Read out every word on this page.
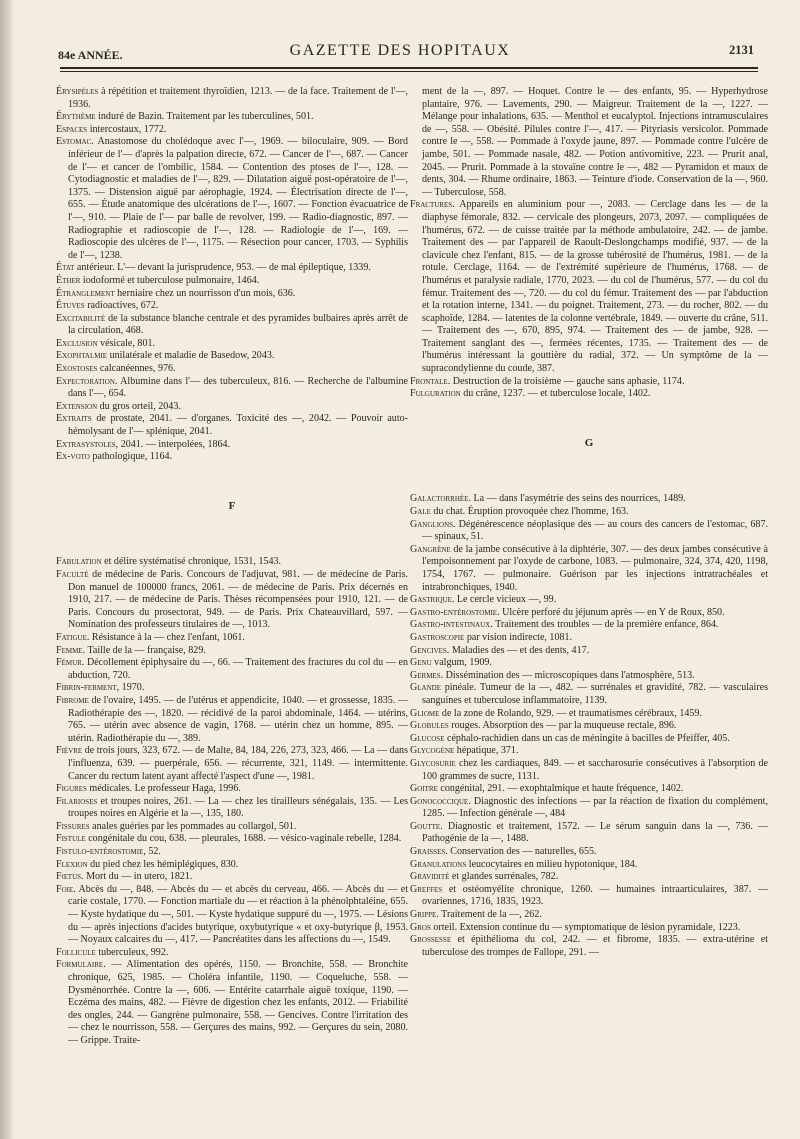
84e ANNÉE.	GAZETTE DES HOPITAUX	2131

Érysipèles à répétition et traitement thyroïdien, 1213. — de la face. Traitement de l'—, 1936.

Érythème induré de Bazin. Traitement par les tuberculines, 501.

Espaces intercostaux, 1772.

Estomac. Anastomose du cholédoque avec l'—, 1969. — biloculaire, 909. — Bord inférieur de l'— d'après la palpation directe, 672. — Cancer de l'—, 687. — Cancer de l'— et cancer de l'ombilic, 1584. — Contention des ptoses de l'—, 128. — Cytodiagnostic et maladies de l'—, 829. — Dilatation aiguë post-opératoire de l'—, 1375. — Distension aiguë par aérophagie, 1924. — Électrisation directe de l'—, 655. — Étude anatomique des ulcérations de l'—, 1607. — Fonction évacuatrice de l'—, 910. — Plaie de l'— par balle de revolver, 199. — Radio-diagnostic, 897. — Radiographie et radioscopie de l'—, 128. — Radiologie de l'—, 169. — Radioscopie des ulcères de l'—, 1175. — Résection pour cancer, 1703. — Syphilis de l'—, 1238.

État antérieur. L'— devant la jurisprudence, 953. — de mal épileptique, 1339.

Éther iodoformé et tuberculose pulmonaire, 1464.

Étranglement herniaire chez un nourrisson d'un mois, 636.

Étuves radioactives, 672.

Excitabilité de la substance blanche centrale et des pyramides bulbaires après arrêt de la circulation, 468.

Exclusion vésicale, 801.

Exophtalmie unilatérale et maladie de Basedow, 2043.

Exostoses calcanéennes, 976.

Expectoration. Albumine dans l'— des tuberculeux, 816. — Recherche de l'albumine dans l'—, 654.

Extension du gros orteil, 2043.

Extraits de prostate, 2041. — d'organes. Toxicité des —, 2042. — Pouvoir auto-hémolysant de l'— splénique, 2041.

Extrasystoles, 2041. — interpolées, 1864.

Ex-voto pathologique, 1164.

F

Fabulation et délire systématisé chronique, 1531, 1543.

Faculté de médecine de Paris. Concours de l'adjuvat, 981. — de médecine de Paris. Don manuel de 100000 francs, 2061. — de médecine de Paris. Prix décernés en 1910, 217. — de médecine de Paris. Thèses récompensées pour 1910, 121. — de Paris. Concours du prosectorat, 949. — de Paris. Prix Chateauvillard, 597. — Nomination des professeurs titulaires de —, 1013.

Fatigue. Résistance à la — chez l'enfant, 1061.

Femme. Taille de la — française, 829.

Fémur. Décollement épiphysaire du —, 66. — Traitement des fractures du col du — en abduction, 720.

Fibrin-ferment, 1970.

Fibrome de l'ovaire, 1495. — de l'utérus et appendicite, 1040. — et grossesse, 1835. — Radiothérapie des —, 1820. — récidivé de la paroi abdominale, 1464. — utérins, 765. — utérin avec absence de vagin, 1768. — utérin chez un homme, 895. — utérin. Radiothérapie du —, 389.

Fièvre de trois jours, 323, 672. — de Malte, 84, 184, 226, 273, 323, 466. — La — dans l'influenza, 639. — puerpérale, 656. — récurrente, 321, 1149. — intermittente. Cancer du rectum latent ayant affecté l'aspect d'une —, 1981.

Figures médicales. Le professeur Haga, 1996.

Filarioses et troupes noires, 261. — La — chez les tirailleurs sénégalais, 135. — Les troupes noires en Algérie et la —, 135, 180.

Fissures anales guéries par les pommades au collargol, 501.

Fistule congénitale du cou, 638. — pleurales, 1688. — vésico-vaginale rebelle, 1284.

Fistulo-entérostomie, 52.

Flexion du pied chez les hémiplégiques, 830.

Fœtus. Mort du — in utero, 1821.

Foie. Abcès du —, 848. — Abcès du — et abcès du cerveau, 466. — Abcès du — et carie costale, 1770. — Fonction martiale du — et réaction à la phénolphtaléine, 655. — Kyste hydatique du —, 501. — Kyste hydatique suppuré du —, 1975. — Lésions du — après injections d'acides butyrique, oxybutyrique « et oxy-butyrique β, 1953. — Noyaux calcaires du —, 417. — Pancréatites dans les affections du —, 1549.

Follicule tuberculeux, 992.

Formulaire. — Alimentation des opérés, 1150. — Bronchite, 558. — Bronchite chronique, 625, 1985. — Choléra infantile, 1190. — Coqueluche, 558. — Dysménorrhée. Contre la —, 606. — Entérite catarrhale aiguë toxique, 1190. — Eczéma des mains, 482. — Fièvre de digestion chez les enfants, 2012. — Friabilité des ongles, 244. — Gangrène pulmonaire, 558. — Gencives. Contre l'irritation des — chez le nourrisson, 558. — Gerçures des mains, 992. — Gerçures du sein, 2080. — Grippe. Traite-

ment de la —, 897. — Hoquet. Contre le — des enfants, 95. — Hyperhydrose plantaire, 976. — Lavements, 290. — Maigreur. Traitement de la —, 1227. — Mélange pour inhalations, 635. — Menthol et eucalyptol. Injections intramusculaires de —, 558. — Obésité. Pilules contre l'—, 417. — Pityriasis versicolor. Pommade contre le —, 558. — Pommade à l'oxyde jaune, 897. — Pommade contre l'ulcère de jambe, 501. — Pommade nasale, 482. — Potion antivomitive, 223. — Prurit anal, 2045. — Prurit. Pommade à la stovaïne contre le —, 482 — Pyramidon et maux de dents, 304. — Rhume ordinaire, 1863. — Teinture d'iode. Conservation de la —, 960. — Tuberculose, 558.

Fractures. Appareils en aluminium pour —, 2083. — Cerclage dans les — de la diaphyse fémorale, 832. — cervicale des plongeurs, 2073, 2097. — compliquées de l'humérus, 672. — de cuisse traitée par la méthode ambulatoire, 242. — de jambe. Traitement des — par l'appareil de Raoult-Deslongchamps modifié, 937. — de la clavicule chez l'enfant, 815. — de la grosse tubérosité de l'humérus, 1981. — de la rotule. Cerclage, 1164. — de l'extrémité supérieure de l'humérus, 1768. — de l'humérus et paralysie radiale, 1770, 2023. — du col de l'humérus, 577. — du col du fémur. Traitement des —, 720. — du col du fémur. Traitement des — par l'abduction et la rotation interne, 1341. — du poignet. Traitement, 273. — du rocher, 802. — du scaphoïde, 1284. — latentes de la colonne vertébrale, 1849. — ouverte du crâne, 511. — Traitement des —, 670, 895, 974. — Traitement des — de jambe, 928. — Traitement sanglant des —, fermées récentes, 1735. — Traitement des — de l'humérus intéressant la gouttière du radial, 372. — Un symptôme de la — supracondylienne du coude, 387.

Frontale. Destruction de la troisième — gauche sans aphasie, 1174.

Fulguration du crâne, 1237. — et tuberculose locale, 1402.

G

Galactorrhée. La — dans l'asymétrie des seins des nourrices, 1489.

Gale du chat. Éruption provoquée chez l'homme, 163.

Ganglions. Dégénérescence néoplasique des — au cours des cancers de l'estomac, 687. — spinaux, 51.

Gangrène de la jambe consécutive à la diphtérie, 307. — des deux jambes consécutive à l'empoisonnement par l'oxyde de carbone, 1083. — pulmonaire, 324, 374, 420, 1198, 1754, 1767. — pulmonaire. Guérison par les injections intratrachéales et intrabronchiques, 1940.

Gastrique. Le cercle vicieux —, 99.

Gastro-entérostomie. Ulcère perforé du jéjunum après — en Y de Roux, 850.

Gastro-intestinaux. Traitement des troubles — de la première enfance, 864.

Gastroscopie par vision indirecte, 1081.

Gencives. Maladies des — et des dents, 417.

Genu valgum, 1909.

Germes. Dissémination des — microscopiques dans l'atmosphère, 513.

Glande pinéale. Tumeur de la —, 482. — surrénales et gravidité, 782. — vasculaires sanguines et tuberculose inflammatoire, 1139.

Gliome de la zone de Rolando, 929. — et traumatismes cérébraux, 1459.

Globules rouges. Absorption des — par la muqueuse rectale, 896.

Glucose céphalo-rachidien dans un cas de méningite à bacilles de Pfeiffer, 405.

Glycogène hépatique, 371.

Glycosurie chez les cardiaques, 849. — et saccharosurie consécutives à l'absorption de 100 grammes de sucre, 1131.

Goitre congénital, 291. — exophtalmique et haute fréquence, 1402.

Gonococcique. Diagnostic des infections — par la réaction de fixation du complément, 1285. — Infection générale —, 484

Goutte. Diagnostic et traitement, 1572. — Le sérum sanguin dans la —, 736. — Pathogénie de la —, 1488.

Graisses. Conservation des — naturelles, 655.

Granulations leucocytaires en milieu hypotonique, 184.

Gravidité et glandes surrénales, 782.

Greffes et ostéomyélite chronique, 1260. — humaines intraarticulaires, 387. — ovariennes, 1716, 1835, 1923.

Grippe. Traitement de la —, 262.

Gros orteil. Extension continue du — symptomatique de lésion pyramidale, 1223.

Grossesse et épithélioma du col, 242. — et fibrome, 1835. — extra-utérine et tuberculose des trompes de Fallope, 291. —
